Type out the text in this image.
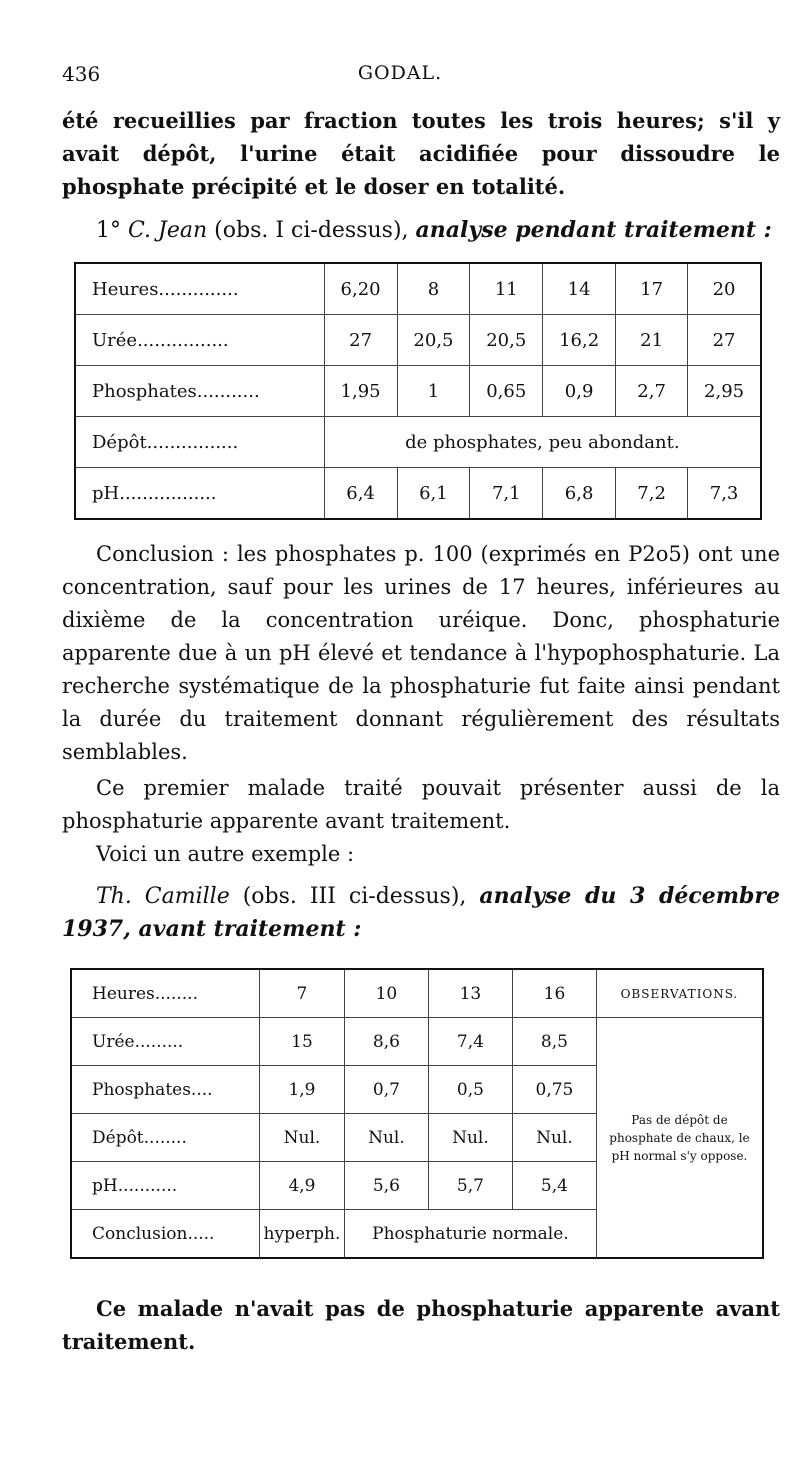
436	GODAL.
été recueillies par fraction toutes les trois heures; s'il y avait dépôt, l'urine était acidifiée pour dissoudre le phosphate précipité et le doser en totalité.
1° C. Jean (obs. I ci-dessus), analyse pendant traitement :
Heures..............	6,20	8	11	14	17	20
Urée................	27	20,5	20,5	16,2	21	27
Phosphates...........	1,95	1	0,65	0,9	2,7	2,95
Dépôt................	de phosphates, peu abondant.					
pH.................	6,4	6,1	7,1	6,8	7,2	7,3
Conclusion : les phosphates p. 100 (exprimés en P2o5) ont une concentration, sauf pour les urines de 17 heures, inférieures au dixième de la concentration uréique. Donc, phosphaturie apparente due à un pH élevé et tendance à l'hypophosphaturie. La recherche systématique de la phosphaturie fut faite ainsi pendant la durée du traitement donnant régulièrement des résultats semblables.
Ce premier malade traité pouvait présenter aussi de la phosphaturie apparente avant traitement.
Voici un autre exemple :
Th. Camille (obs. III ci-dessus), analyse du 3 décembre 1937, avant traitement :
Heures........	7	10	13	16	OBSERVATIONS.
Urée.........	15	8,6	7,4	8,5	Pas de dépôt de phosphate de chaux, le pH normal s'y oppose.
Phosphates....	1,9	0,7	0,5	0,75	
Dépôt........	Nul.	Nul.	Nul.	Nul.	
pH...........	4,9	5,6	5,7	5,4	
Conclusion.....	hyperph.	Phosphaturie normale.			
Ce malade n'avait pas de phosphaturie apparente avant traitement.
